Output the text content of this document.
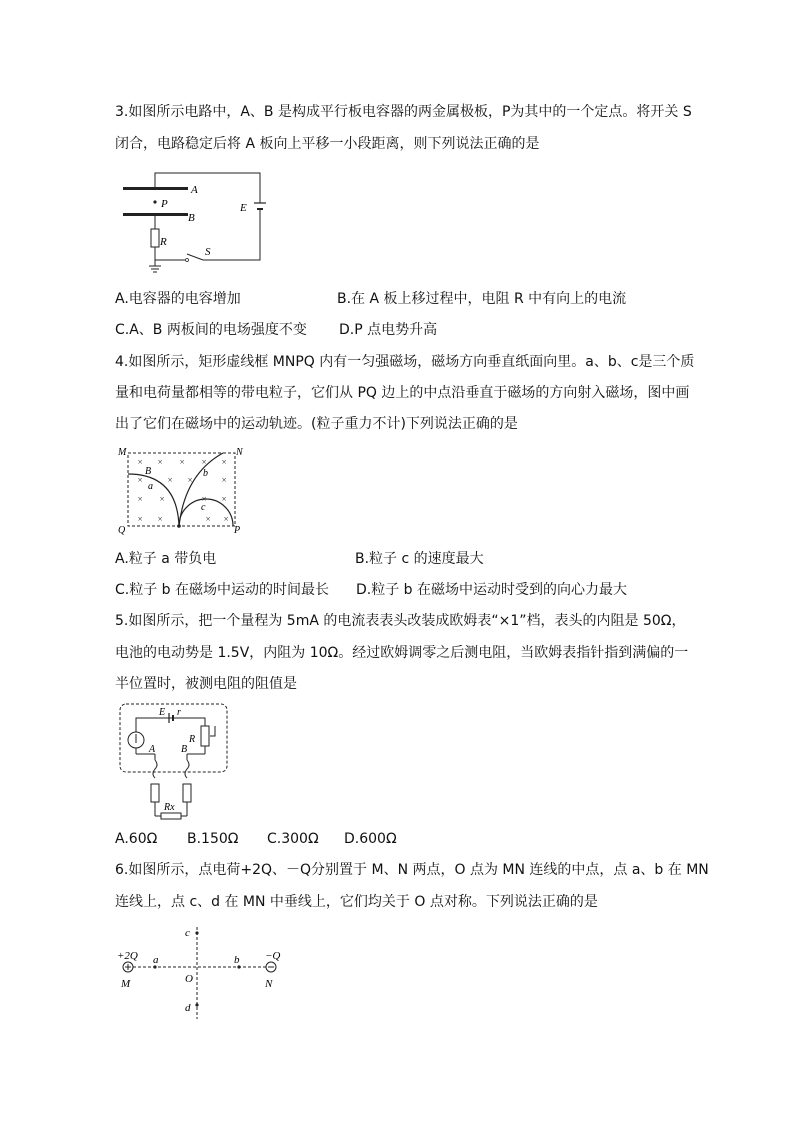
3.如图所示电路中，A、B 是构成平行板电容器的两金属极板，P为其中的一个定点。将开关 S
闭合，电路稳定后将 A 板向上平移一小段距离，则下列说法正确的是
A
P
B
E
S
R
A.电容器的电容增加	B.在 A 板上移过程中，电阻 R 中有向上的电流
C.A、B 两板间的电场强度不变 D.P 点电势升高
4.如图所示，矩形虚线框 MNPQ 内有一匀强磁场，磁场方向垂直纸面向里。a、b、c是三个质
量和电荷量都相等的带电粒子，它们从 PQ 边上的中点沿垂直于磁场的方向射入磁场，图中画
出了它们在磁场中的运动轨迹。(粒子重力不计)下列说法正确的是
M	N
Q	P
× × × × ×
×	× ×	×
× ×	× ×
× ×	× ×
B
a
b
c
A.粒子 a 带负电	B.粒子 c 的速度最大
C.粒子 b 在磁场中运动的时间最长 D.粒子 b 在磁场中运动时受到的向心力最大
5.如图所示，把一个量程为 5mA 的电流表表头改装成欧姆表“×1”档，表头的内阻是 50Ω，
电池的电动势是 1.5V，内阻为 10Ω。经过欧姆调零之后测电阻，当欧姆表指针指到满偏的一
半位置时，被测电阻的阻值是
E r
A
R
B
Rx
A.60Ω B.150Ω C.300Ω D.600Ω
6.如图所示，点电荷+2Q、－Q分别置于 M、N 两点，O 点为 MN 连线的中点，点 a、b 在 MN
连线上，点 c、d 在 MN 中垂线上，它们均关于 O 点对称。下列说法正确的是
+2Q
M
−Q
N
a	b
O
c
d
